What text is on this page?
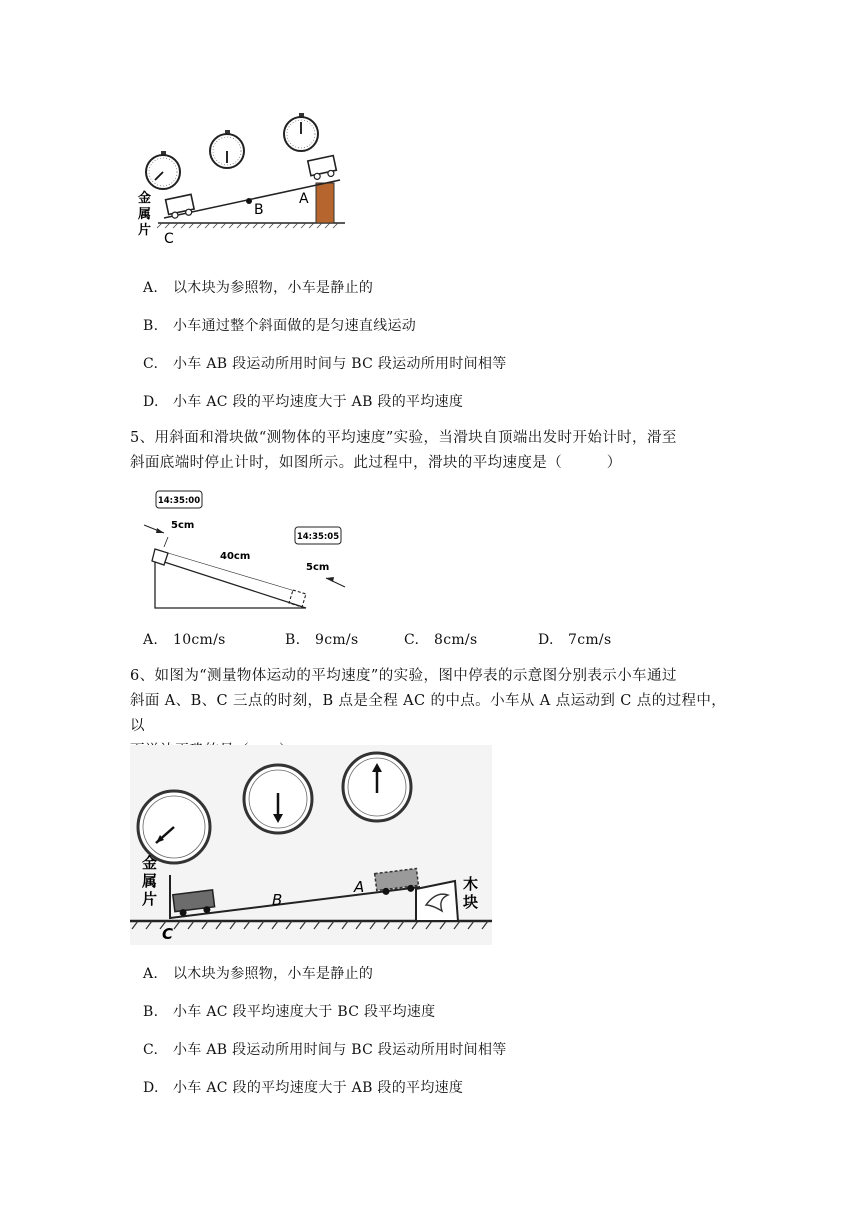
金
属
片
C
B
A
A. 以木块为参照物，小车是静止的
B. 小车通过整个斜面做的是匀速直线运动
C. 小车 AB 段运动所用时间与 BC 段运动所用时间相等
D. 小车 AC 段的平均速度大于 AB 段的平均速度
5、用斜面和滑块做“测物体的平均速度”实验，当滑块自顶端出发时开始计时，滑至
斜面底端时停止计时，如图所示。此过程中，滑块的平均速度是（　　　）
14:35:00
14:35:05
5cm
40cm
5cm
A. 10cm/s	B. 9cm/s	C. 8cm/s	D. 7cm/s
6、如图为“测量物体运动的平均速度”的实验，图中停表的示意图分别表示小车通过
斜面 A、B、C 三点的时刻，B 点是全程 AC 的中点。小车从 A 点运动到 C 点的过程中，以
金
属
片
木
块
C
B
A
A. 以木块为参照物，小车是静止的
B. 小车 AC 段平均速度大于 BC 段平均速度
C. 小车 AB 段运动所用时间与 BC 段运动所用时间相等
D. 小车 AC 段的平均速度大于 AB 段的平均速度
